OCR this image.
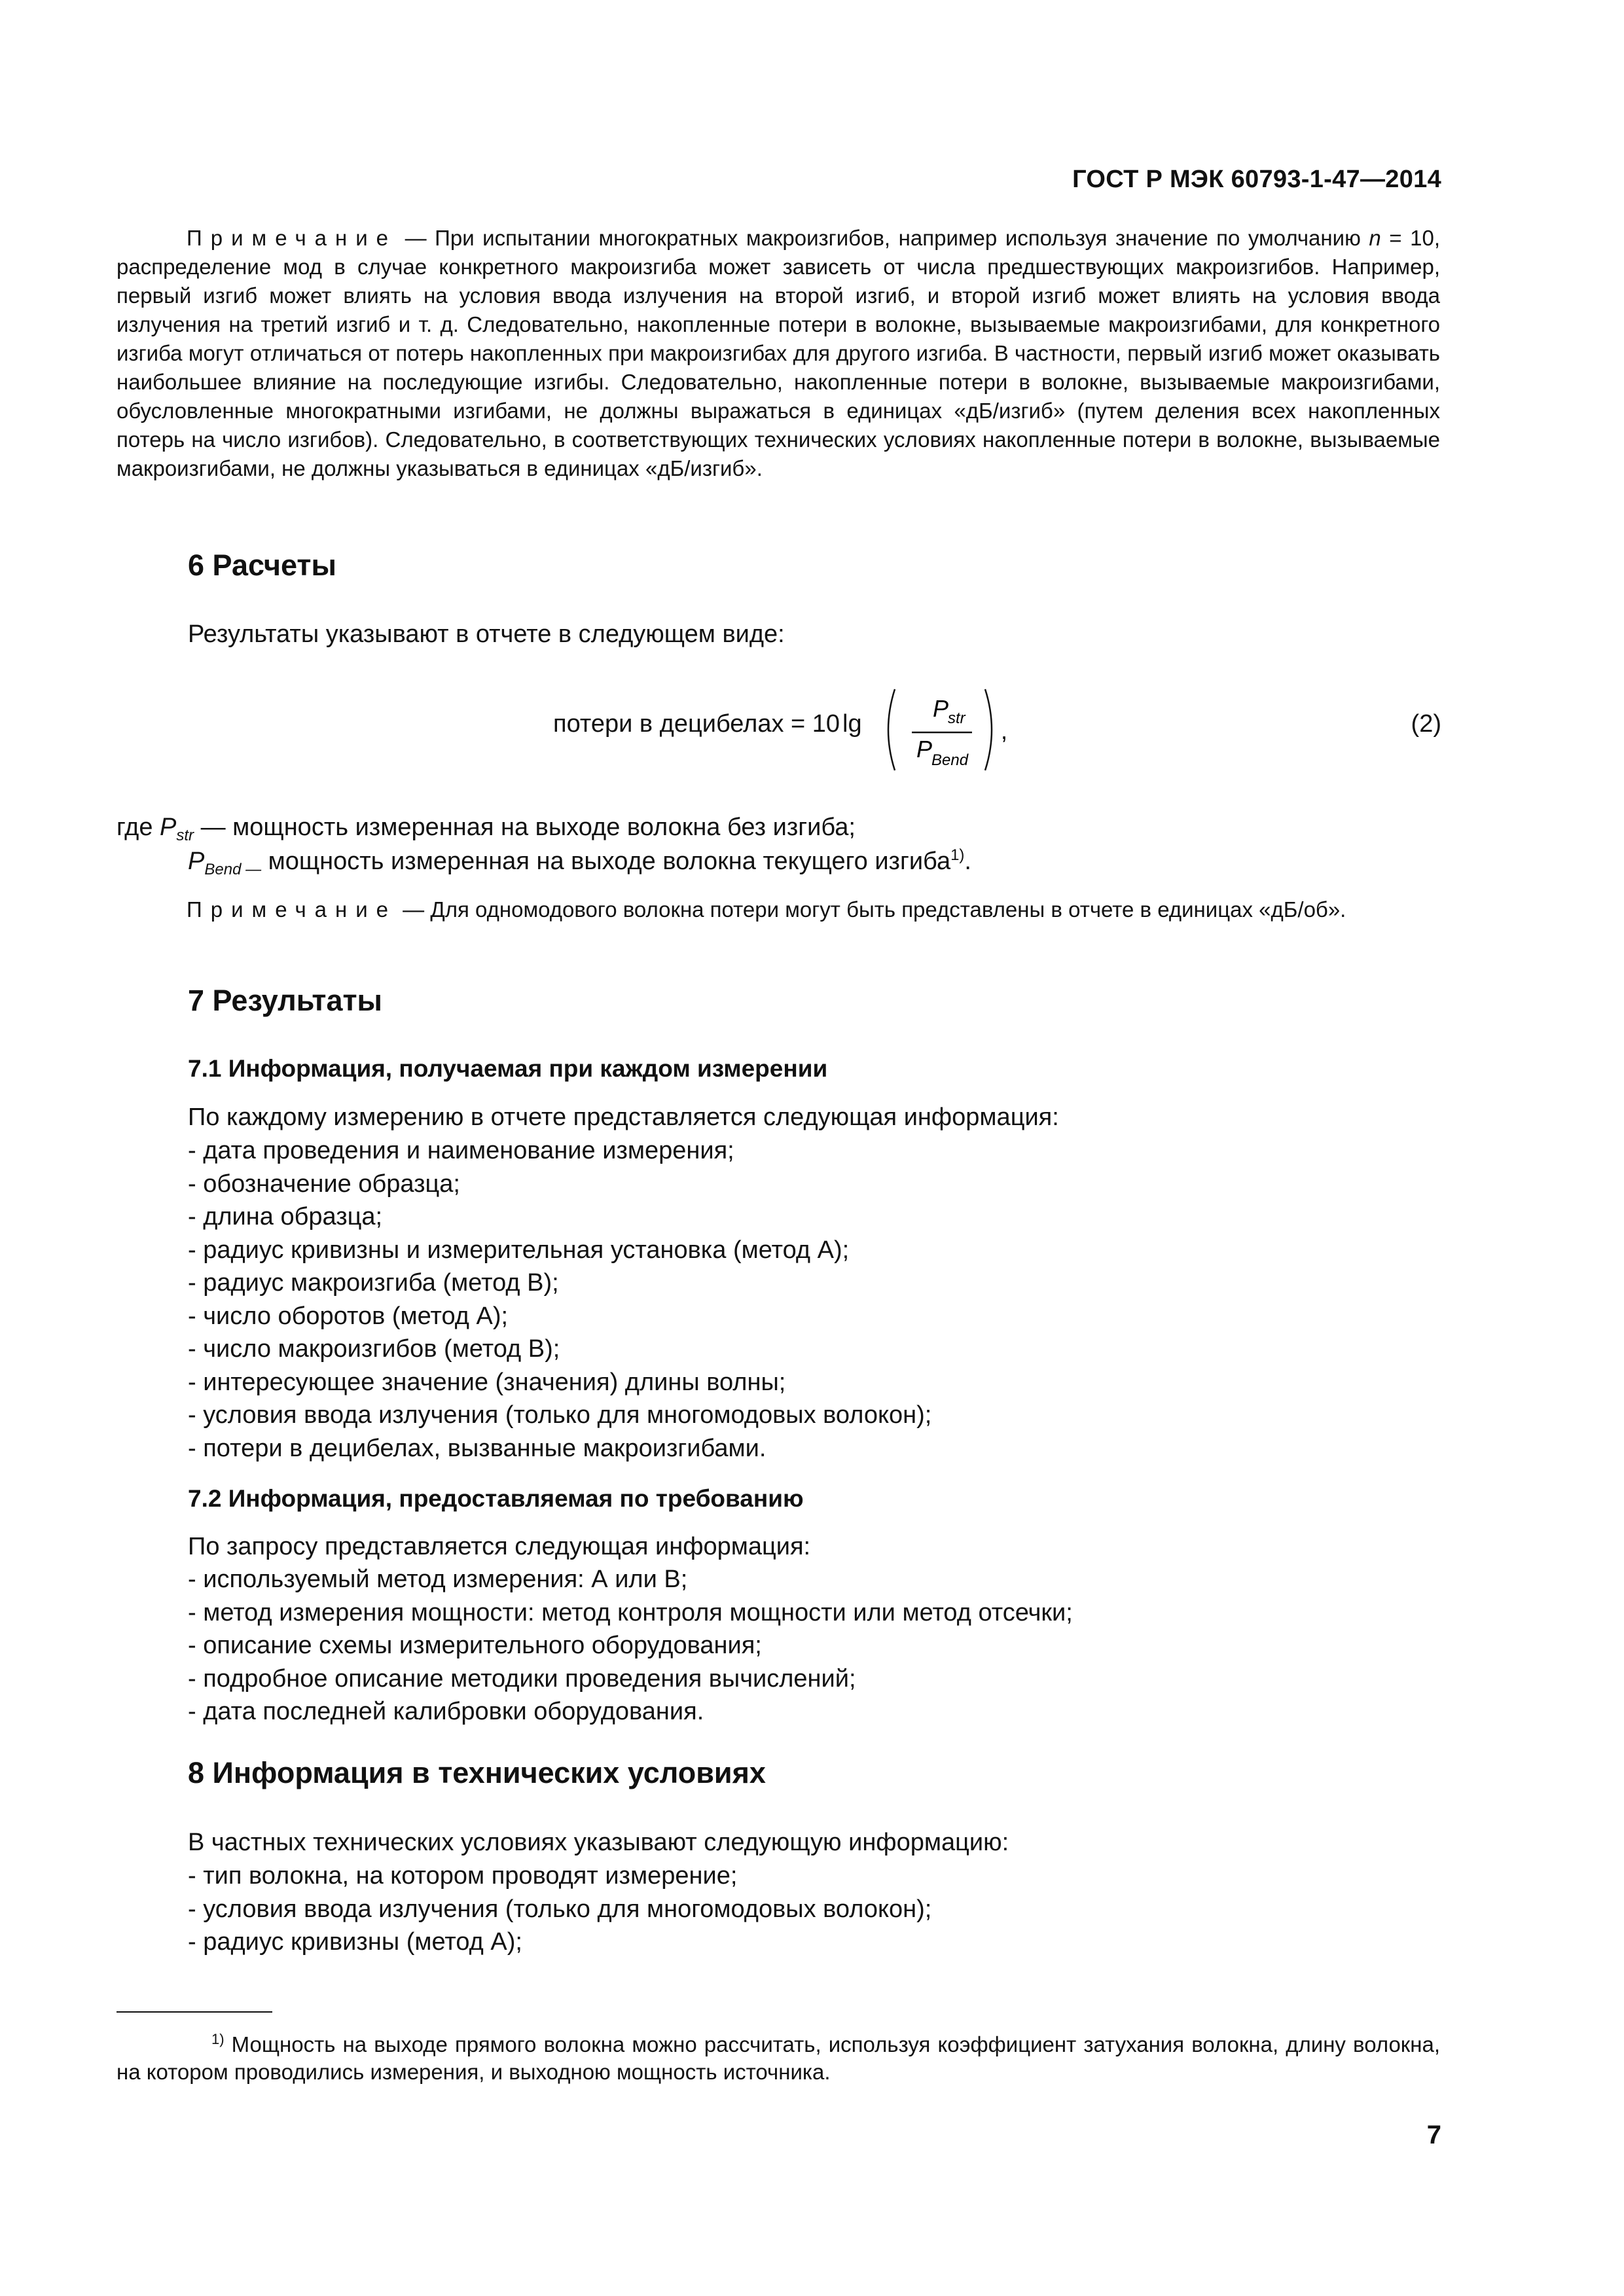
ГОСТ Р МЭК 60793-1-47—2014
Примечание — При испытании многократных макроизгибов, например используя значение по умолчанию n = 10, распределение мод в случае конкретного макроизгиба может зависеть от числа предшествующих макроизгибов. Например, первый изгиб может влиять на условия ввода излучения на второй изгиб, и второй изгиб может влиять на условия ввода излучения на третий изгиб и т. д. Следовательно, накопленные потери в волокне, вызываемые макроизгибами, для конкретного изгиба могут отличаться от потерь накопленных при макроизгибах для другого изгиба. В частности, первый изгиб может оказывать наибольшее влияние на последующие изгибы. Следовательно, накопленные потери в волокне, вызываемые макроизгибами, обусловленные многократными изгибами, не должны выражаться в единицах «дБ/изгиб» (путем деления всех накопленных потерь на число изгибов). Следовательно, в соответствующих технических условиях накопленные потери в волокне, вызываемые макроизгибами, не должны указываться в единицах «дБ/изгиб».
6 Расчеты
Результаты указывают в отчете в следующем виде:
потери в децибелах = 10 lg
P
str
P
Bend
,	(2)
где $P_{str}$ — мощность измеренная на выходе волокна без изгиба;
$P_{Bend —}$ мощность измеренная на выходе волокна текущего изгиба$^{1)}$.
Примечание — Для одномодового волокна потери могут быть представлены в отчете в единицах «дБ/об».
7 Результаты
7.1 Информация, получаемая при каждом измерении
По каждому измерению в отчете представляется следующая информация:
- дата проведения и наименование измерения;
- обозначение образца;
- длина образца;
- радиус кривизны и измерительная установка (метод А);
- радиус макроизгиба (метод В);
- число оборотов (метод А);
- число макроизгибов (метод В);
- интересующее значение (значения) длины волны;
- условия ввода излучения (только для многомодовых волокон);
- потери в децибелах, вызванные макроизгибами.
7.2 Информация, предоставляемая по требованию
По запросу представляется следующая информация:
- используемый метод измерения: А или В;
- метод измерения мощности: метод контроля мощности или метод отсечки;
- описание схемы измерительного оборудования;
- подробное описание методики проведения вычислений;
- дата последней калибровки оборудования.
8 Информация в технических условиях
В частных технических условиях указывают следующую информацию:
- тип волокна, на котором проводят измерение;
- условия ввода излучения (только для многомодовых волокон);
- радиус кривизны (метод А);
$^{1)}$ Мощность на выходе прямого волокна можно рассчитать, используя коэффициент затухания волокна, длину волокна, на котором проводились измерения, и выходною мощность источника.
7
